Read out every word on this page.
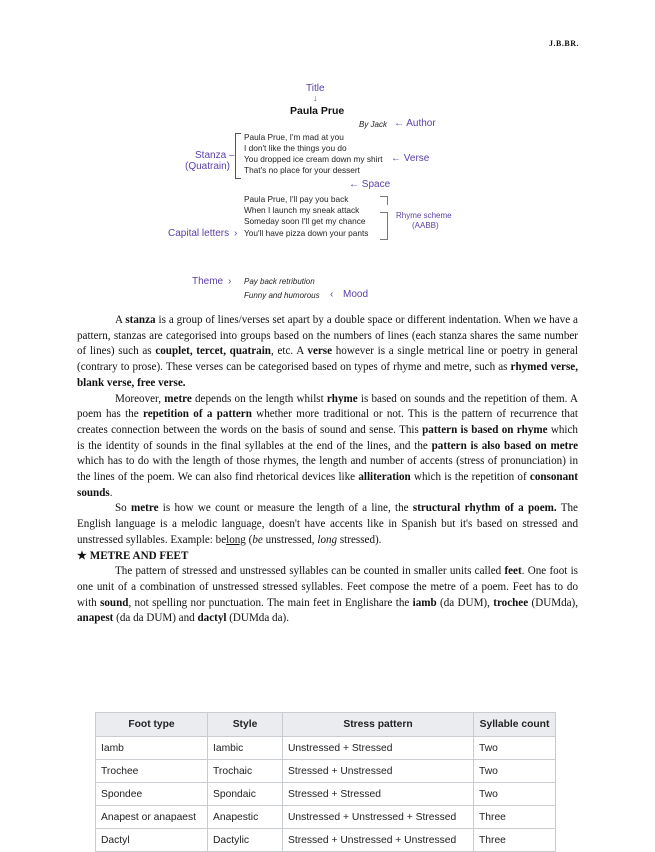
J.B.BR.
Title
↓
Paula Prue
By Jack ← Author
Stanza –
(Quatrain)
Paula Prue, I'm mad at you
I don't like the things you do
You dropped ice cream down my shirt ← Verse
That's no place for your dessert
← Space
Paula Prue, I'll pay you back
When I launch my sneak attack
Someday soon I'll get my chance
You'll have pizza down your pants
Rhyme scheme
(AABB)
Capital letters ›
Theme › Pay back retribution
Funny and humorous ‹ Mood

A stanza is a group of lines/verses set apart by a double space or different indentation. When we have a pattern, stanzas are categorised into groups based on the numbers of lines (each stanza shares the same number of lines) such as couplet, tercet, quatrain, etc. A verse however is a single metrical line or poetry in general (contrary to prose). These verses can be categorised based on types of rhyme and metre, such as rhymed verse, blank verse, free verse.

Moreover, metre depends on the length whilst rhyme is based on sounds and the repetition of them. A poem has the repetition of a pattern whether more traditional or not. This is the pattern of recurrence that creates connection between the words on the basis of sound and sense. This pattern is based on rhyme which is the identity of sounds in the final syllables at the end of the lines, and the pattern is also based on metre which has to do with the length of those rhymes, the length and number of accents (stress of pronunciation) in the lines of the poem. We can also find rhetorical devices like alliteration which is the repetition of consonant sounds.

So metre is how we count or measure the length of a line, the structural rhythm of a poem. The English language is a melodic language, doesn't have accents like in Spanish but it's based on stressed and unstressed syllables. Example: belong (be unstressed, long stressed).

★ METRE AND FEET

The pattern of stressed and unstressed syllables can be counted in smaller units called feet. One foot is one unit of a combination of unstressed stressed syllables. Feet compose the metre of a poem. Feet has to do with sound, not spelling nor punctuation. The main feet in Englishare the iamb (da DUM), trochee (DUMda), anapest (da da DUM) and dactyl (DUMda da).

Foot type	Style	Stress pattern	Syllable count
Iamb	Iambic	Unstressed + Stressed	Two
Trochee	Trochaic	Stressed + Unstressed	Two
Spondee	Spondaic	Stressed + Stressed	Two
Anapest or anapaest	Anapestic	Unstressed + Unstressed + Stressed	Three
Dactyl	Dactylic	Stressed + Unstressed + Unstressed	Three
